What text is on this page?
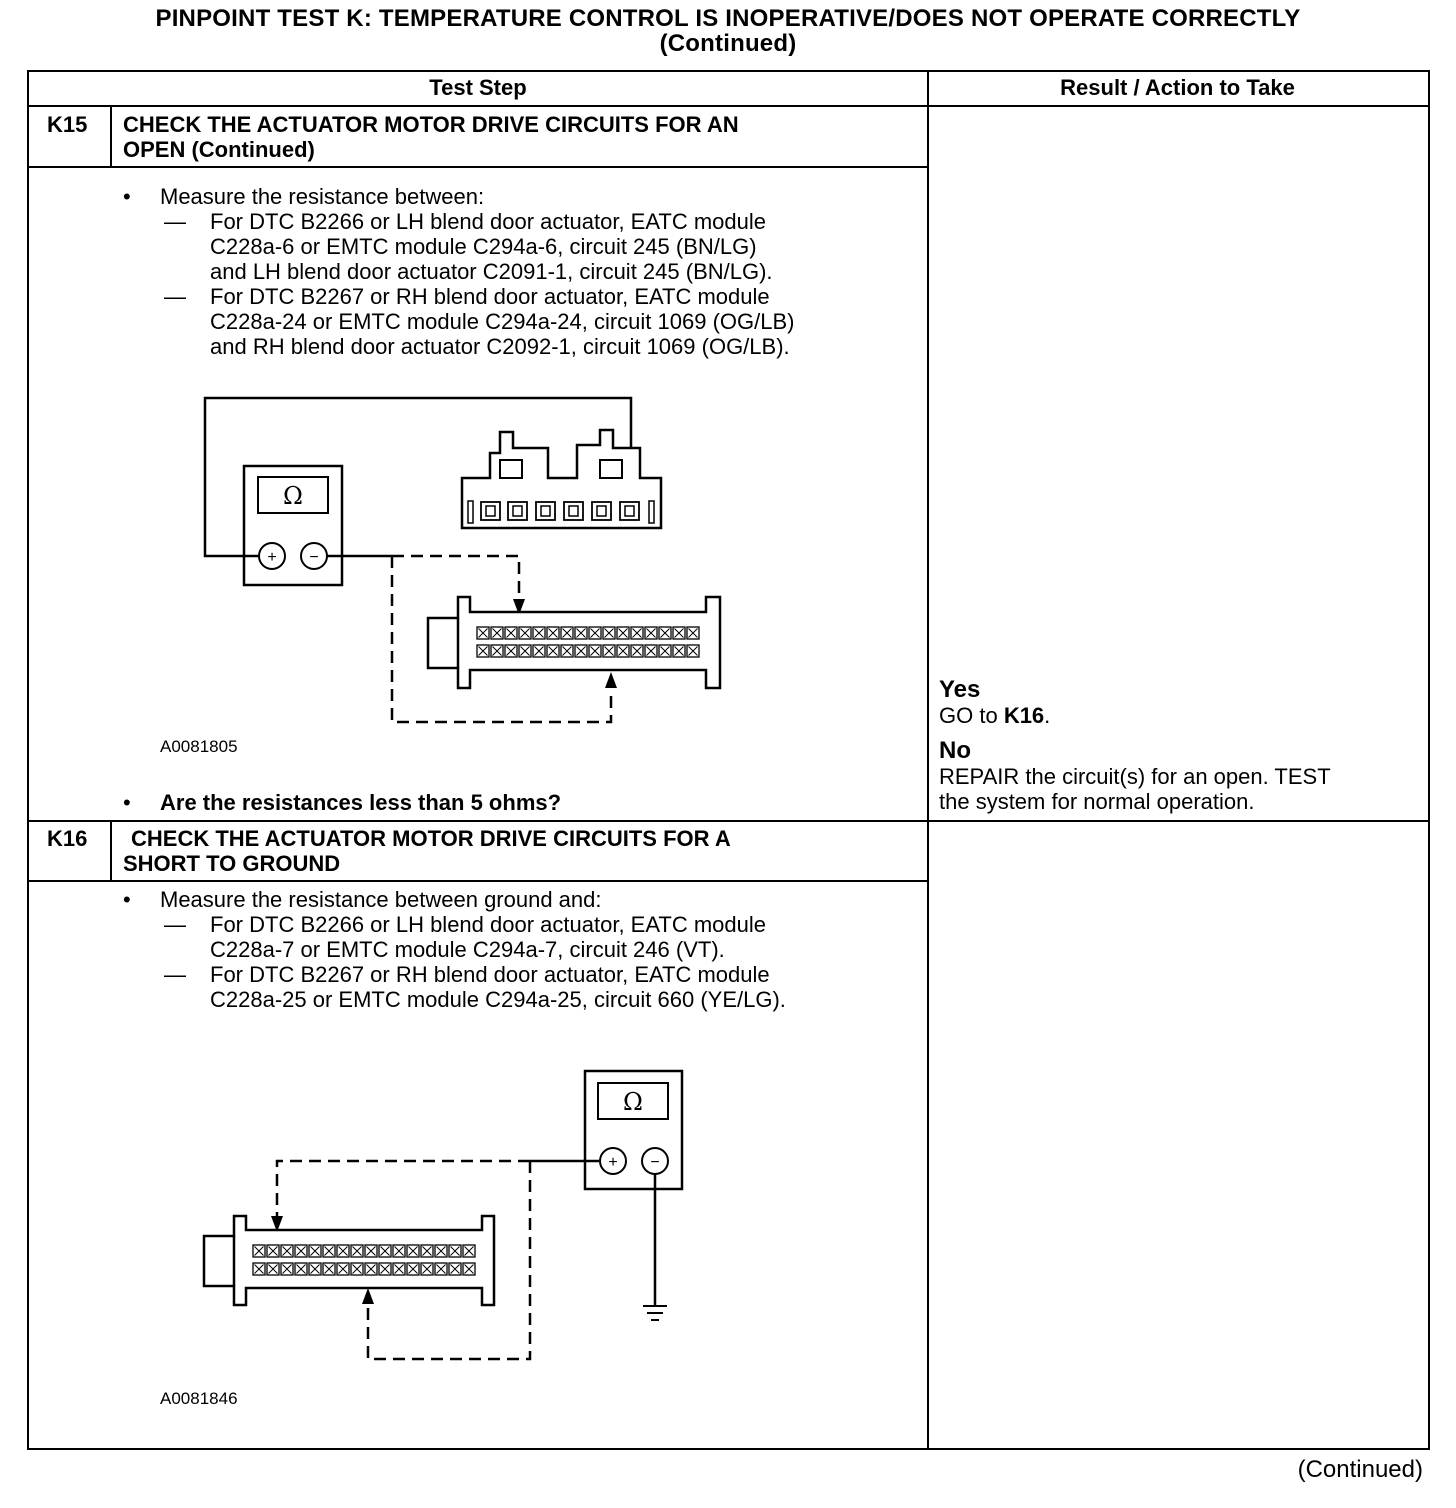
PINPOINT TEST K: TEMPERATURE CONTROL IS INOPERATIVE/DOES NOT OPERATE CORRECTLY
(Continued)
Test Step	Result / Action to Take
K15 CHECK THE ACTUATOR MOTOR DRIVE CIRCUITS FOR AN
OPEN (Continued)
• Measure the resistance between:
— For DTC B2266 or LH blend door actuator, EATC module
C228a-6 or EMTC module C294a-6, circuit 245 (BN/LG)
and LH blend door actuator C2091-1, circuit 245 (BN/LG).
— For DTC B2267 or RH blend door actuator, EATC module
C228a-24 or EMTC module C294a-24, circuit 1069 (OG/LB)
and RH blend door actuator C2092-1, circuit 1069 (OG/LB).
A0081805
• Are the resistances less than 5 ohms?
Yes
GO to K16.
No
REPAIR the circuit(s) for an open. TEST
the system for normal operation.
K16 CHECK THE ACTUATOR MOTOR DRIVE CIRCUITS FOR A
SHORT TO GROUND
• Measure the resistance between ground and:
— For DTC B2266 or LH blend door actuator, EATC module
C228a-7 or EMTC module C294a-7, circuit 246 (VT).
— For DTC B2267 or RH blend door actuator, EATC module
C228a-25 or EMTC module C294a-25, circuit 660 (YE/LG).
A0081846
Ω
+ −
Ω
+ −
(Continued)
